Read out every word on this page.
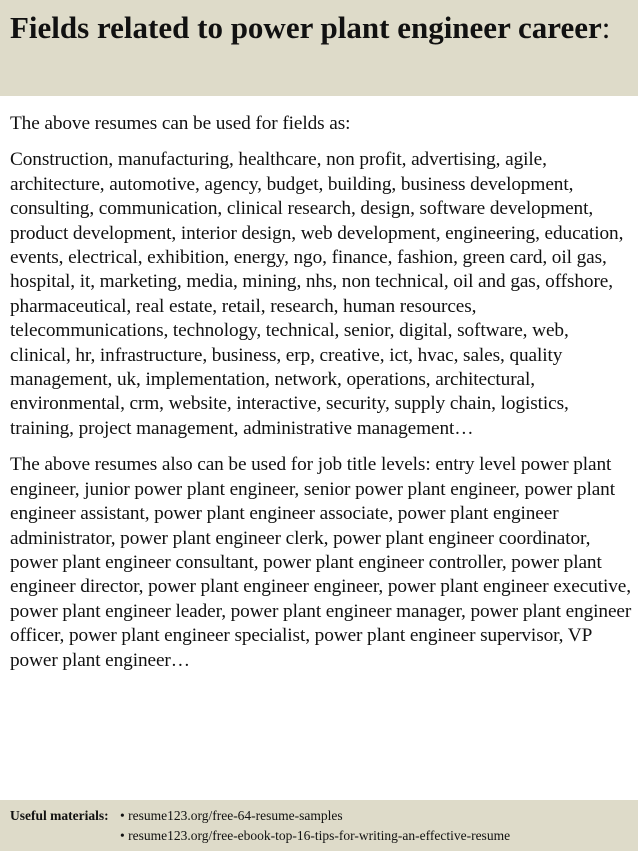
Fields related to power plant engineer career:

The above resumes can be used for fields as:

Construction, manufacturing, healthcare, non profit, advertising, agile, architecture, automotive, agency, budget, building, business development, consulting, communication, clinical research, design, software development, product development, interior design, web development, engineering, education, events, electrical, exhibition, energy, ngo, finance, fashion, green card, oil gas, hospital, it, marketing, media, mining, nhs, non technical, oil and gas, offshore, pharmaceutical, real estate, retail, research, human resources, telecommunications, technology, technical, senior, digital, software, web, clinical, hr, infrastructure, business, erp, creative, ict, hvac, sales, quality management, uk, implementation, network, operations, architectural, environmental, crm, website, interactive, security, supply chain, logistics, training, project management, administrative management…

The above resumes also can be used for job title levels: entry level power plant engineer, junior power plant engineer, senior power plant engineer, power plant engineer assistant, power plant engineer associate, power plant engineer administrator, power plant engineer clerk, power plant engineer coordinator, power plant engineer consultant, power plant engineer controller, power plant engineer director, power plant engineer engineer, power plant engineer executive, power plant engineer leader, power plant engineer manager, power plant engineer officer, power plant engineer specialist, power plant engineer supervisor, VP power plant engineer…

Useful materials: • resume123.org/free-64-resume-samples
• resume123.org/free-ebook-top-16-tips-for-writing-an-effective-resume
